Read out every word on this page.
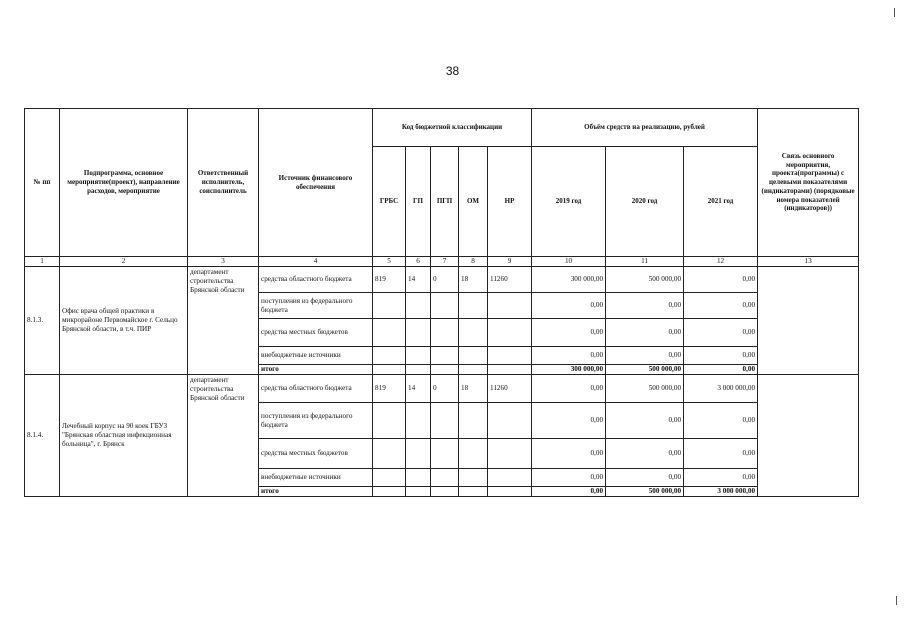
38
№ пп	Подпрограмма, основное мероприятие(проект), направление расходов, мероприятие	Ответственный исполнитель, соисполнитель	Источник финансового обеспечения	Код бюджетной классификации					Объём средств на реализацию, рублей			Связь основного мероприятия, проекта(программы) с целевыми показателями (индикаторами) (порядковые номера показателей (индикаторов))
				ГРБС	ГП	ПГП	ОМ	НР	2019 год	2020 год	2021 год	
1	2	3	4	5	6	7	8	9	10	11	12	13
8.1.3.	Офис врача общей практики в микрорайоне Первомайское г. Сельцо Брянской области, в т.ч. ПИР	департамент строительства Брянской области	средства областного бюджета	819	14	0	18	11260	300 000,00	500 000,00	0,00	
			поступления из федерального бюджета						0,00	0,00	0,00	
			средства местных бюджетов						0,00	0,00	0,00	
			внебюджетные источники						0,00	0,00	0,00	
			итого						300 000,00	500 000,00	0,00	
8.1.4.	Лечебный корпус на 90 коек ГБУЗ "Брянская областная инфекционная больница", г. Брянск	департамент строительства Брянской области	средства областного бюджета	819	14	0	18	11260	0,00	500 000,00	3 000 000,00	
			поступления из федерального бюджета						0,00	0,00	0,00	
			средства местных бюджетов						0,00	0,00	0,00	
			внебюджетные источники						0,00	0,00	0,00	
			итого						0,00	500 000,00	3 000 000,00	
